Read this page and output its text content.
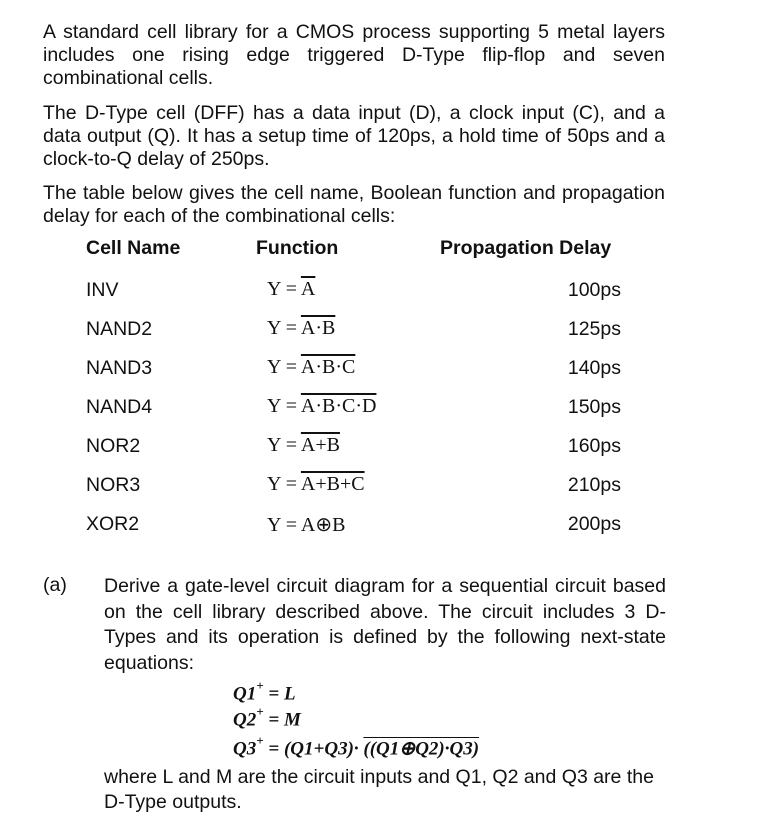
A standard cell library for a CMOS process supporting 5 metal layers includes one rising edge triggered D-Type flip-flop and seven combinational cells.

The D-Type cell (DFF) has a data input (D), a clock input (C), and a data output (Q). It has a setup time of 120ps, a hold time of 50ps and a clock-to-Q delay of 250ps.

The table below gives the cell name, Boolean function and propagation delay for each of the combinational cells:

Cell Name	Function	Propagation Delay
INV	$Y = \overline{A}$	100ps
NAND2	Y = A·B	125ps
NAND3	Y = A·B·C	140ps
NAND4	Y = A·B·C·D	150ps
NOR2	Y = A+B	160ps
NOR3	Y = A+B+C	210ps
XOR2	Y = A⊕B	200ps
(a) Derive a gate-level circuit diagram for a sequential circuit based on the cell library described above. The circuit includes 3 D-Types and its operation is defined by the following next-state equations:

Q1+ = L
Q2+ = M
Q3+ = (Q1+Q3)· ((Q1⊕Q2)·Q3)

where L and M are the circuit inputs and Q1, Q2 and Q3 are the D-Type outputs.
